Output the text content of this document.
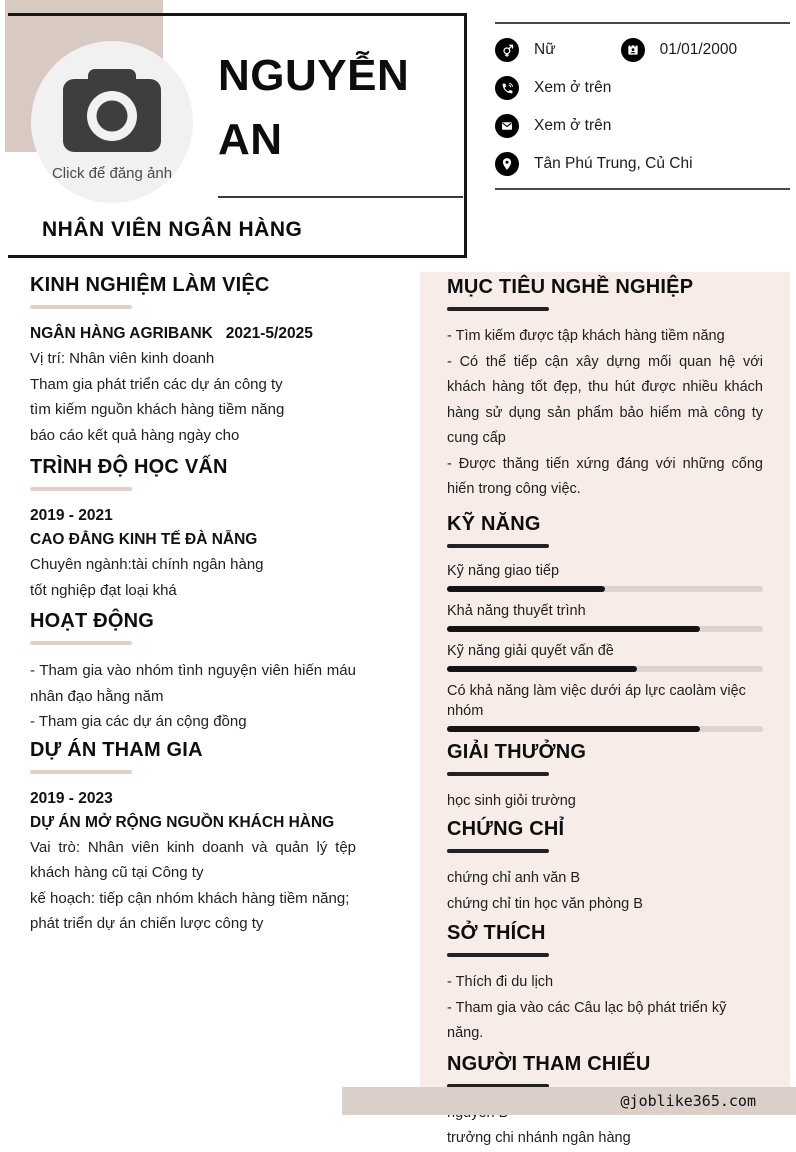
Click để đăng ảnh
NGUYỄN
AN
NHÂN VIÊN NGÂN HÀNG
Nữ	01/01/2000
Xem ở trên
Xem ở trên
Tân Phú Trung, Củ Chi
KINH NGHIỆM LÀM VIỆC
NGÂN HÀNG AGRIBANK 2021-5/2025
Vị trí: Nhân viên kinh doanh
Tham gia phát triển các dự án công ty
tìm kiếm nguồn khách hàng tiềm năng
báo cáo kết quả hàng ngày cho
TRÌNH ĐỘ HỌC VẤN
2019 - 2021
CAO ĐẲNG KINH TẾ ĐÀ NẴNG
Chuyên ngành:tài chính ngân hàng
tốt nghiệp đạt loại khá
HOẠT ĐỘNG
- Tham gia vào nhóm tình nguyện viên hiến máu nhân đạo hằng năm
- Tham gia các dự án cộng đồng
DỰ ÁN THAM GIA
2019 - 2023
DỰ ÁN MỞ RỘNG NGUỒN KHÁCH HÀNG
Vai trò: Nhân viên kinh doanh và quản lý tệp khách hàng cũ tại Công ty
kế hoạch: tiếp cận nhóm khách hàng tiềm năng;
phát triển dự án chiến lược công ty
MỤC TIÊU NGHỀ NGHIỆP
- Tìm kiếm được tập khách hàng tiềm năng
- Có thể tiếp cận xây dựng mối quan hệ với khách hàng tốt đẹp, thu hút được nhiều khách hàng sử dụng sản phẩm bảo hiểm mà công ty cung cấp
- Được thăng tiến xứng đáng với những cống hiến trong công việc.
KỸ NĂNG
Kỹ năng giao tiếp
Khả năng thuyết trình
Kỹ năng giải quyết vấn đề
Có khả năng làm việc dưới áp lực caolàm việc nhóm
GIẢI THƯỞNG
học sinh giỏi trường
CHỨNG CHỈ
chứng chỉ anh văn B
chứng chỉ tin học văn phòng B
SỞ THÍCH
- Thích đi du lịch
- Tham gia vào các Câu lạc bộ phát triển kỹ năng.
NGƯỜI THAM CHIẾU
trưởng chi nhánh ngân hàng
@joblike365.com
